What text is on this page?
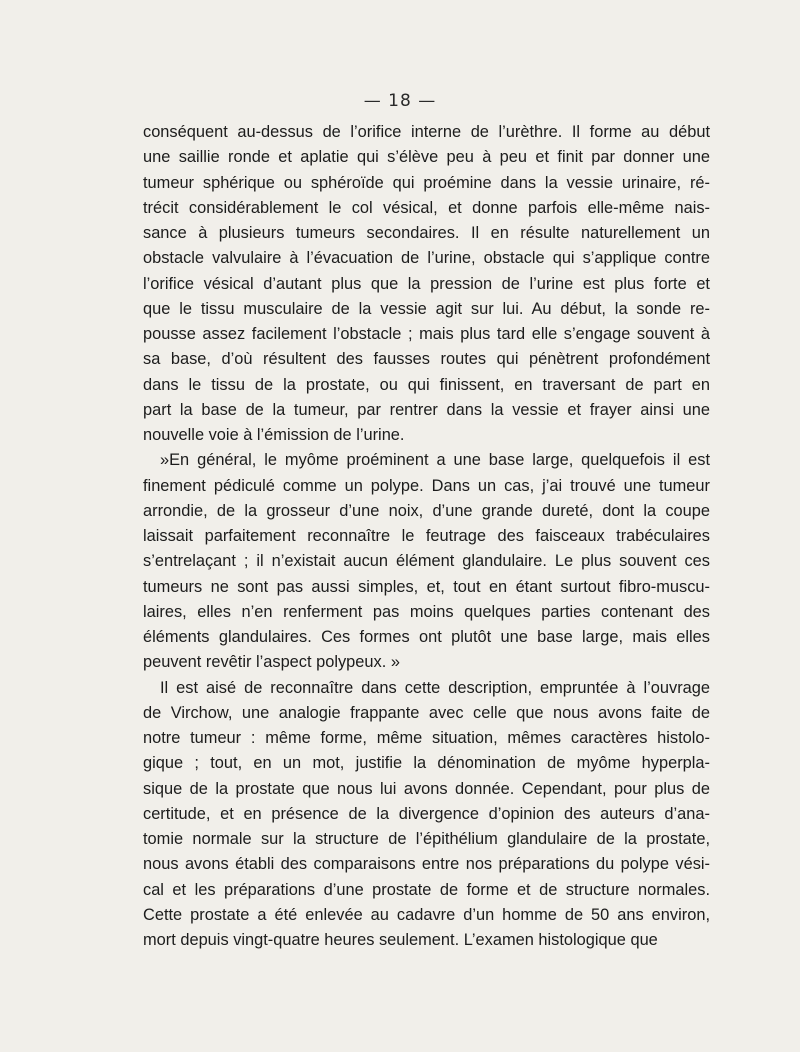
— 18 —
conséquent au-dessus de l’orifice interne de l’urèthre. Il forme au début
une saillie ronde et aplatie qui s’élève peu à peu et finit par donner une
tumeur sphérique ou sphéroïde qui proémine dans la vessie urinaire, ré-
trécit considérablement le col vésical, et donne parfois elle-même nais-
sance à plusieurs tumeurs secondaires. Il en résulte naturellement un
obstacle valvulaire à l’évacuation de l’urine, obstacle qui s’applique contre
l’orifice vésical d’autant plus que la pression de l’urine est plus forte et
que le tissu musculaire de la vessie agit sur lui. Au début, la sonde re-
pousse assez facilement l’obstacle ; mais plus tard elle s’engage souvent à
sa base, d’où résultent des fausses routes qui pénètrent profondément
dans le tissu de la prostate, ou qui finissent, en traversant de part en
part la base de la tumeur, par rentrer dans la vessie et frayer ainsi une
nouvelle voie à l’émission de l’urine.
»En général, le myôme proéminent a une base large, quelquefois il est
finement pédiculé comme un polype. Dans un cas, j’ai trouvé une tumeur
arrondie, de la grosseur d’une noix, d’une grande dureté, dont la coupe
laissait parfaitement reconnaître le feutrage des faisceaux trabéculaires
s’entrelaçant ; il n’existait aucun élément glandulaire. Le plus souvent ces
tumeurs ne sont pas aussi simples, et, tout en étant surtout fibro-muscu-
laires, elles n’en renferment pas moins quelques parties contenant des
éléments glandulaires. Ces formes ont plutôt une base large, mais elles
peuvent revêtir l’aspect polypeux. »
Il est aisé de reconnaître dans cette description, empruntée à l’ouvrage
de Virchow, une analogie frappante avec celle que nous avons faite de
notre tumeur : même forme, même situation, mêmes caractères histolo-
gique ; tout, en un mot, justifie la dénomination de myôme hyperpla-
sique de la prostate que nous lui avons donnée. Cependant, pour plus de
certitude, et en présence de la divergence d’opinion des auteurs d’ana-
tomie normale sur la structure de l’épithélium glandulaire de la prostate,
nous avons établi des comparaisons entre nos préparations du polype vési-
cal et les préparations d’une prostate de forme et de structure normales.
Cette prostate a été enlevée au cadavre d’un homme de 50 ans environ,
mort depuis vingt-quatre heures seulement. L’examen histologique que
